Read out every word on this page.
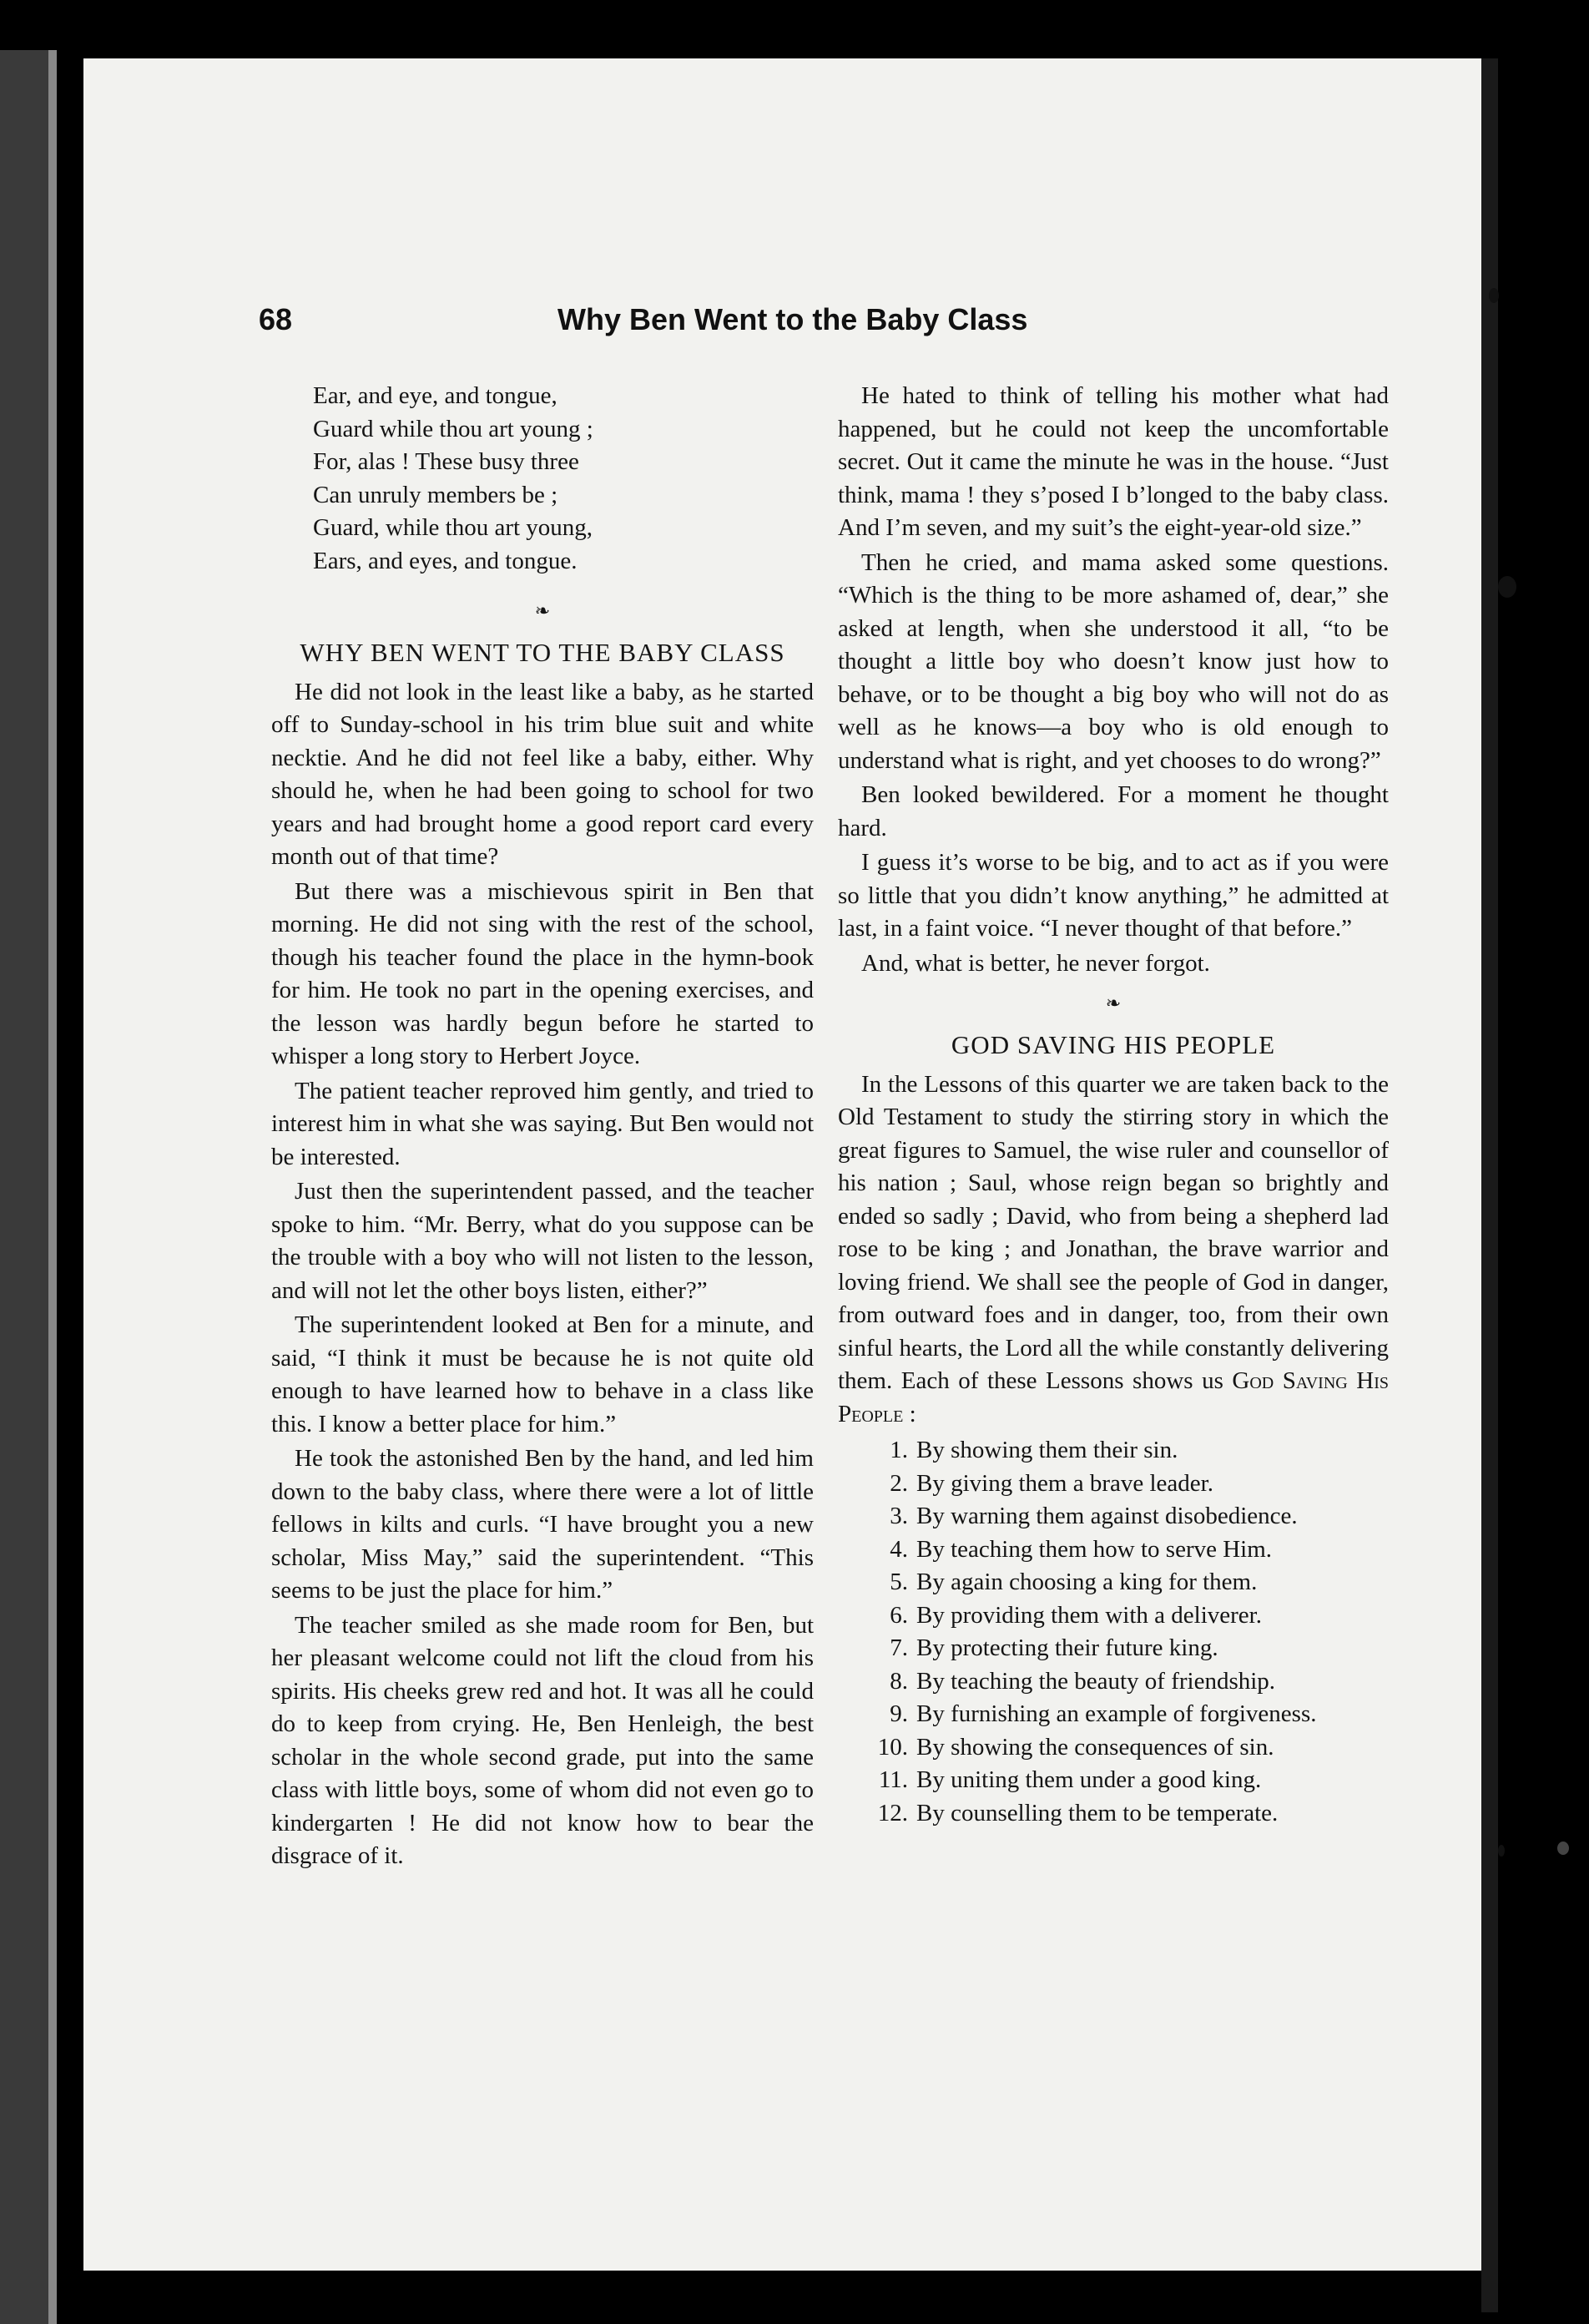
68	Why Ben Went to the Baby Class
Ear, and eye, and tongue,
Guard while thou art young ;
For, alas ! These busy three
Can unruly members be ;
Guard, while thou art young,
Ears, and eyes, and tongue.
❧
WHY BEN WENT TO THE BABY CLASS

He did not look in the least like a baby, as he started off to Sunday-school in his trim blue suit and white necktie. And he did not feel like a baby, either. Why should he, when he had been going to school for two years and had brought home a good report card every month out of that time?

But there was a mischievous spirit in Ben that morning. He did not sing with the rest of the school, though his teacher found the place in the hymn-book for him. He took no part in the opening exercises, and the lesson was hardly begun before he started to whisper a long story to Herbert Joyce.

The patient teacher reproved him gently, and tried to interest him in what she was saying. But Ben would not be interested.

Just then the superintendent passed, and the teacher spoke to him. “Mr. Berry, what do you suppose can be the trouble with a boy who will not listen to the lesson, and will not let the other boys listen, either?”

The superintendent looked at Ben for a minute, and said, “I think it must be because he is not quite old enough to have learned how to behave in a class like this. I know a better place for him.”

He took the astonished Ben by the hand, and led him down to the baby class, where there were a lot of little fellows in kilts and curls. “I have brought you a new scholar, Miss May,” said the superintendent. “This seems to be just the place for him.”

The teacher smiled as she made room for Ben, but her pleasant welcome could not lift the cloud from his spirits. His cheeks grew red and hot. It was all he could do to keep from crying. He, Ben Henleigh, the best scholar in the whole second grade, put into the same class with little boys, some of whom did not even go to kindergarten ! He did not know how to bear the disgrace of it.

He hated to think of telling his mother what had happened, but he could not keep the uncomfortable secret. Out it came the minute he was in the house. “Just think, mama ! they s’posed I b’longed to the baby class. And I’m seven, and my suit’s the eight-year-old size.”

Then he cried, and mama asked some questions. “Which is the thing to be more ashamed of, dear,” she asked at length, when she understood it all, “to be thought a little boy who doesn’t know just how to behave, or to be thought a big boy who will not do as well as he knows—a boy who is old enough to understand what is right, and yet chooses to do wrong?”

Ben looked bewildered. For a moment he thought hard.

I guess it’s worse to be big, and to act as if you were so little that you didn’t know anything,” he admitted at last, in a faint voice. “I never thought of that before.”

And, what is better, he never forgot.

❧
GOD SAVING HIS PEOPLE

In the Lessons of this quarter we are taken back to the Old Testament to study the stirring story in which the great figures to Samuel, the wise ruler and counsellor of his nation ; Saul, whose reign began so brightly and ended so sadly ; David, who from being a shepherd lad rose to be king ; and Jonathan, the brave warrior and loving friend. We shall see the people of God in danger, from outward foes and in danger, too, from their own sinful hearts, the Lord all the while constantly delivering them. Each of these Lessons shows us God Saving His People :

1. By showing them their sin.
2. By giving them a brave leader.
3. By warning them against disobedience.
4. By teaching them how to serve Him.
5. By again choosing a king for them.
6. By providing them with a deliverer.
7. By protecting their future king.
8. By teaching the beauty of friendship.
9. By furnishing an example of forgiveness.
10. By showing the consequences of sin.
11. By uniting them under a good king.
12. By counselling them to be temperate.
